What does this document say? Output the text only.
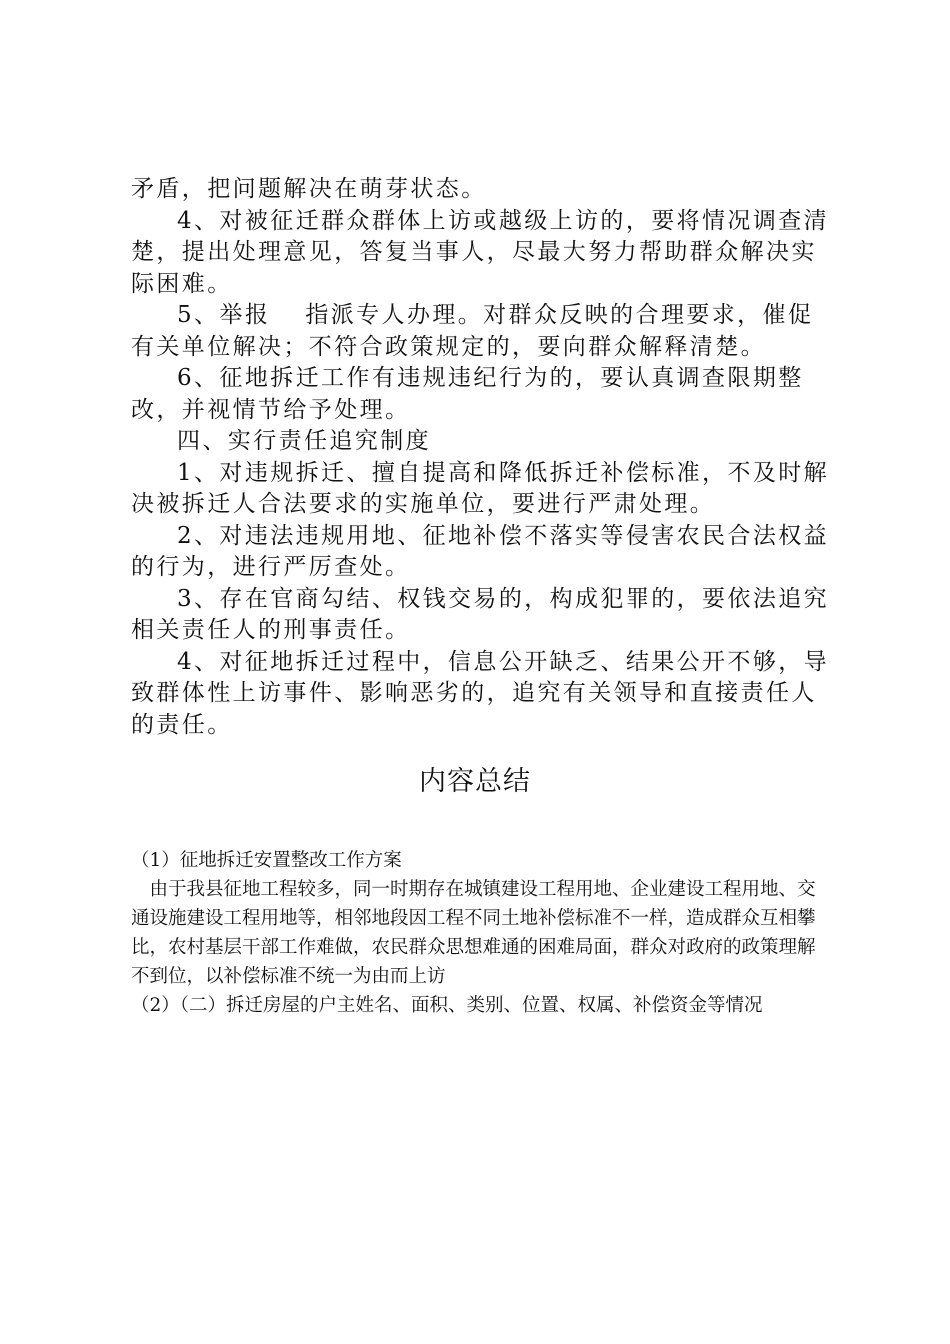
矛盾，把问题解决在萌芽状态。

4、对被征迁群众群体上访或越级上访的，要将情况调查清楚，提出处理意见，答复当事人，尽最大努力帮助群众解决实际困难。

5、举报　 指派专人办理。对群众反映的合理要求，催促有关单位解决；不符合政策规定的，要向群众解释清楚。

6、征地拆迁工作有违规违纪行为的，要认真调查限期整改，并视情节给予处理。

四、实行责任追究制度

1、对违规拆迁、擅自提高和降低拆迁补偿标准，不及时解决被拆迁人合法要求的实施单位，要进行严肃处理。

2、对违法违规用地、征地补偿不落实等侵害农民合法权益的行为，进行严厉查处。

3、存在官商勾结、权钱交易的，构成犯罪的，要依法追究相关责任人的刑事责任。

4、对征地拆迁过程中，信息公开缺乏、结果公开不够，导致群体性上访事件、影响恶劣的，追究有关领导和直接责任人的责任。

内容总结

（1）征地拆迁安置整改工作方案

由于我县征地工程较多，同一时期存在城镇建设工程用地、企业建设工程用地、交通设施建设工程用地等，相邻地段因工程不同土地补偿标准不一样，造成群众互相攀比，农村基层干部工作难做，农民群众思想难通的困难局面，群众对政府的政策理解不到位，以补偿标准不统一为由而上访

（2）（二）拆迁房屋的户主姓名、面积、类别、位置、权属、补偿资金等情况
